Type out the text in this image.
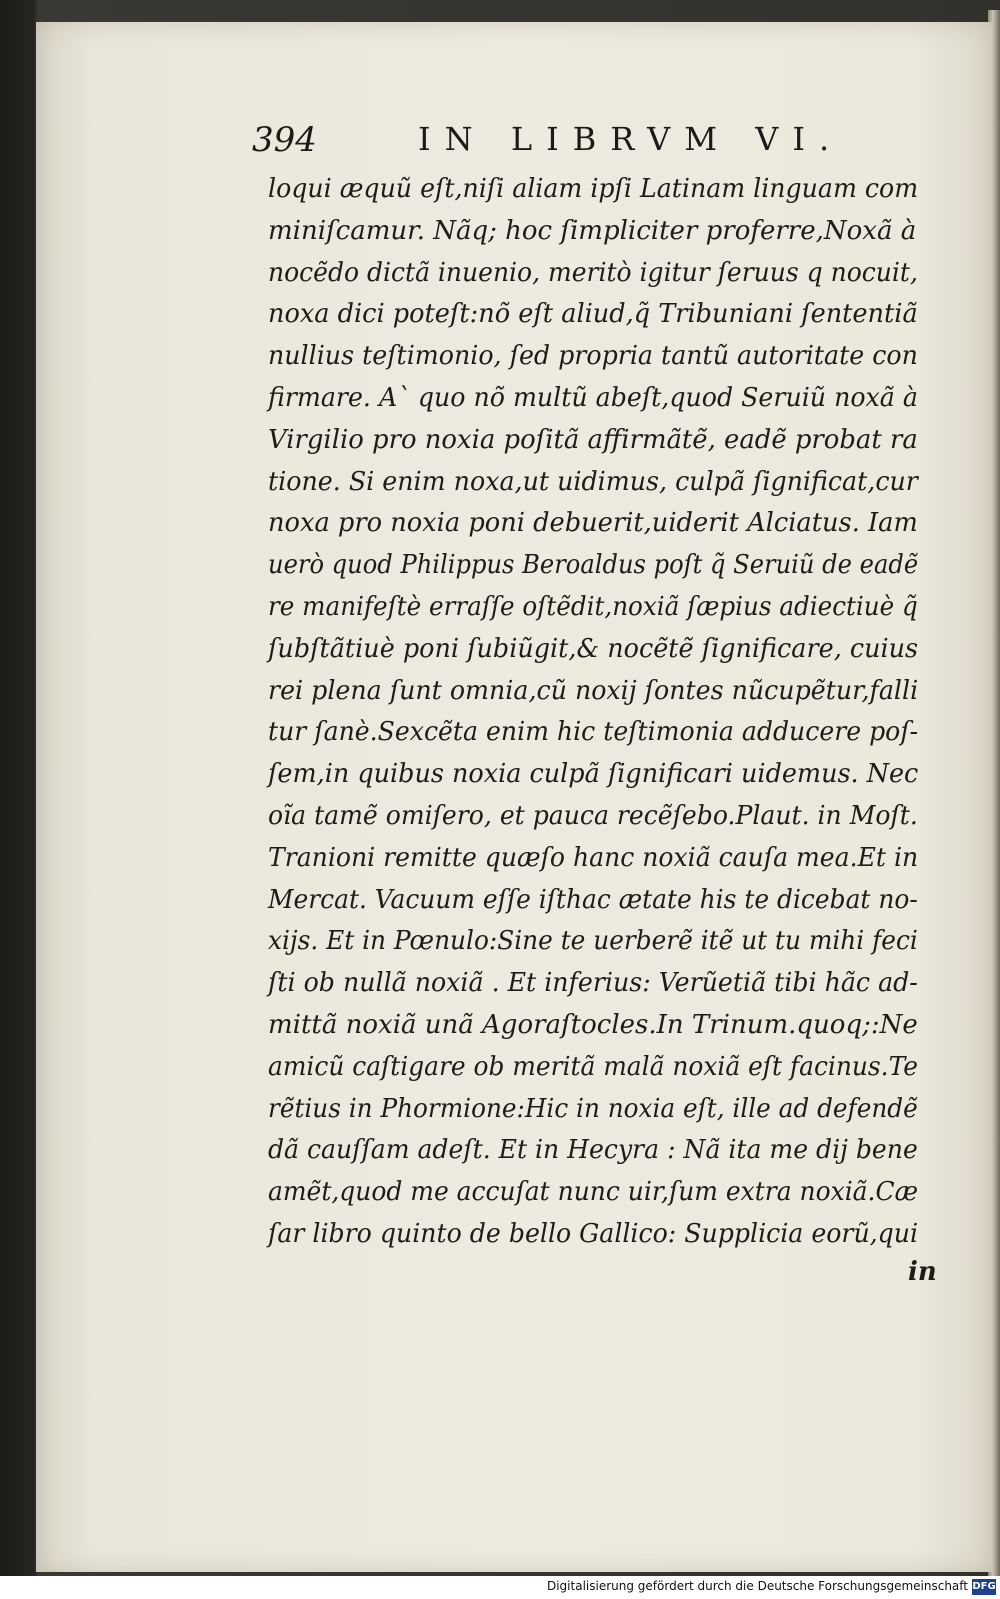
394	IN LIBRVM VI.
loqui æquũ eſt,niſi aliam ipſi Latinam linguam com
miniſcamur. Nãq; hoc ſimpliciter proferre,Noxã à
nocẽdo dictã inuenio, meritò igitur ſeruus q nocuit,
noxa dici poteſt:nõ eſt aliud,q̃ Tribuniani ſententiã
nullius teſtimonio, ſed propria tantũ autoritate con
firmare. A` quo nõ multũ abeſt,quod Seruiũ noxã à
Virgilio pro noxia poſitã affirmãtẽ, eadẽ probat ra
tione. Si enim noxa,ut uidimus, culpã ſignificat,cur
noxa pro noxia poni debuerit,uiderit Alciatus. Iam
uerò quod Philippus Beroaldus poſt q̃ Seruiũ de eadẽ
re manifeſtè erraſſe oſtẽdit,noxiã ſæpius adiectiuè q̃
ſubſtãtiuè poni ſubiũgit,& nocẽtẽ ſignificare, cuius
rei plena ſunt omnia,cũ noxij ſontes nũcupẽtur,falli
tur ſanè.Sexcẽta enim hic teſtimonia adducere poſ-
ſem,in quibus noxia culpã ſignificari uidemus. Nec
oĩa tamẽ omiſero, et pauca recẽſebo.Plaut. in Moſt.
Tranioni remitte quæſo hanc noxiã cauſa mea.Et in
Mercat. Vacuum eſſe iſthac ætate his te dicebat no-
xijs. Et in Pœnulo:Sine te uerberẽ itẽ ut tu mihi feci
ſti ob nullã noxiã . Et inferius: Verũetiã tibi hãc ad-
mittã noxiã unã Agoraſtocles.In Trinum.quoq;:Ne
amicũ caſtigare ob meritã malã noxiã eſt facinus.Te
rẽtius in Phormione:Hic in noxia eſt, ille ad defendẽ
dã cauſſam adeſt. Et in Hecyra : Nã ita me dij bene
amẽt,quod me accuſat nunc uir,ſum extra noxiã.Cæ
ſar libro quinto de bello Gallico: Supplicia eorũ,qui
in
Digitalisierung gefördert durch die Deutsche Forschungsgemeinschaft DFG
